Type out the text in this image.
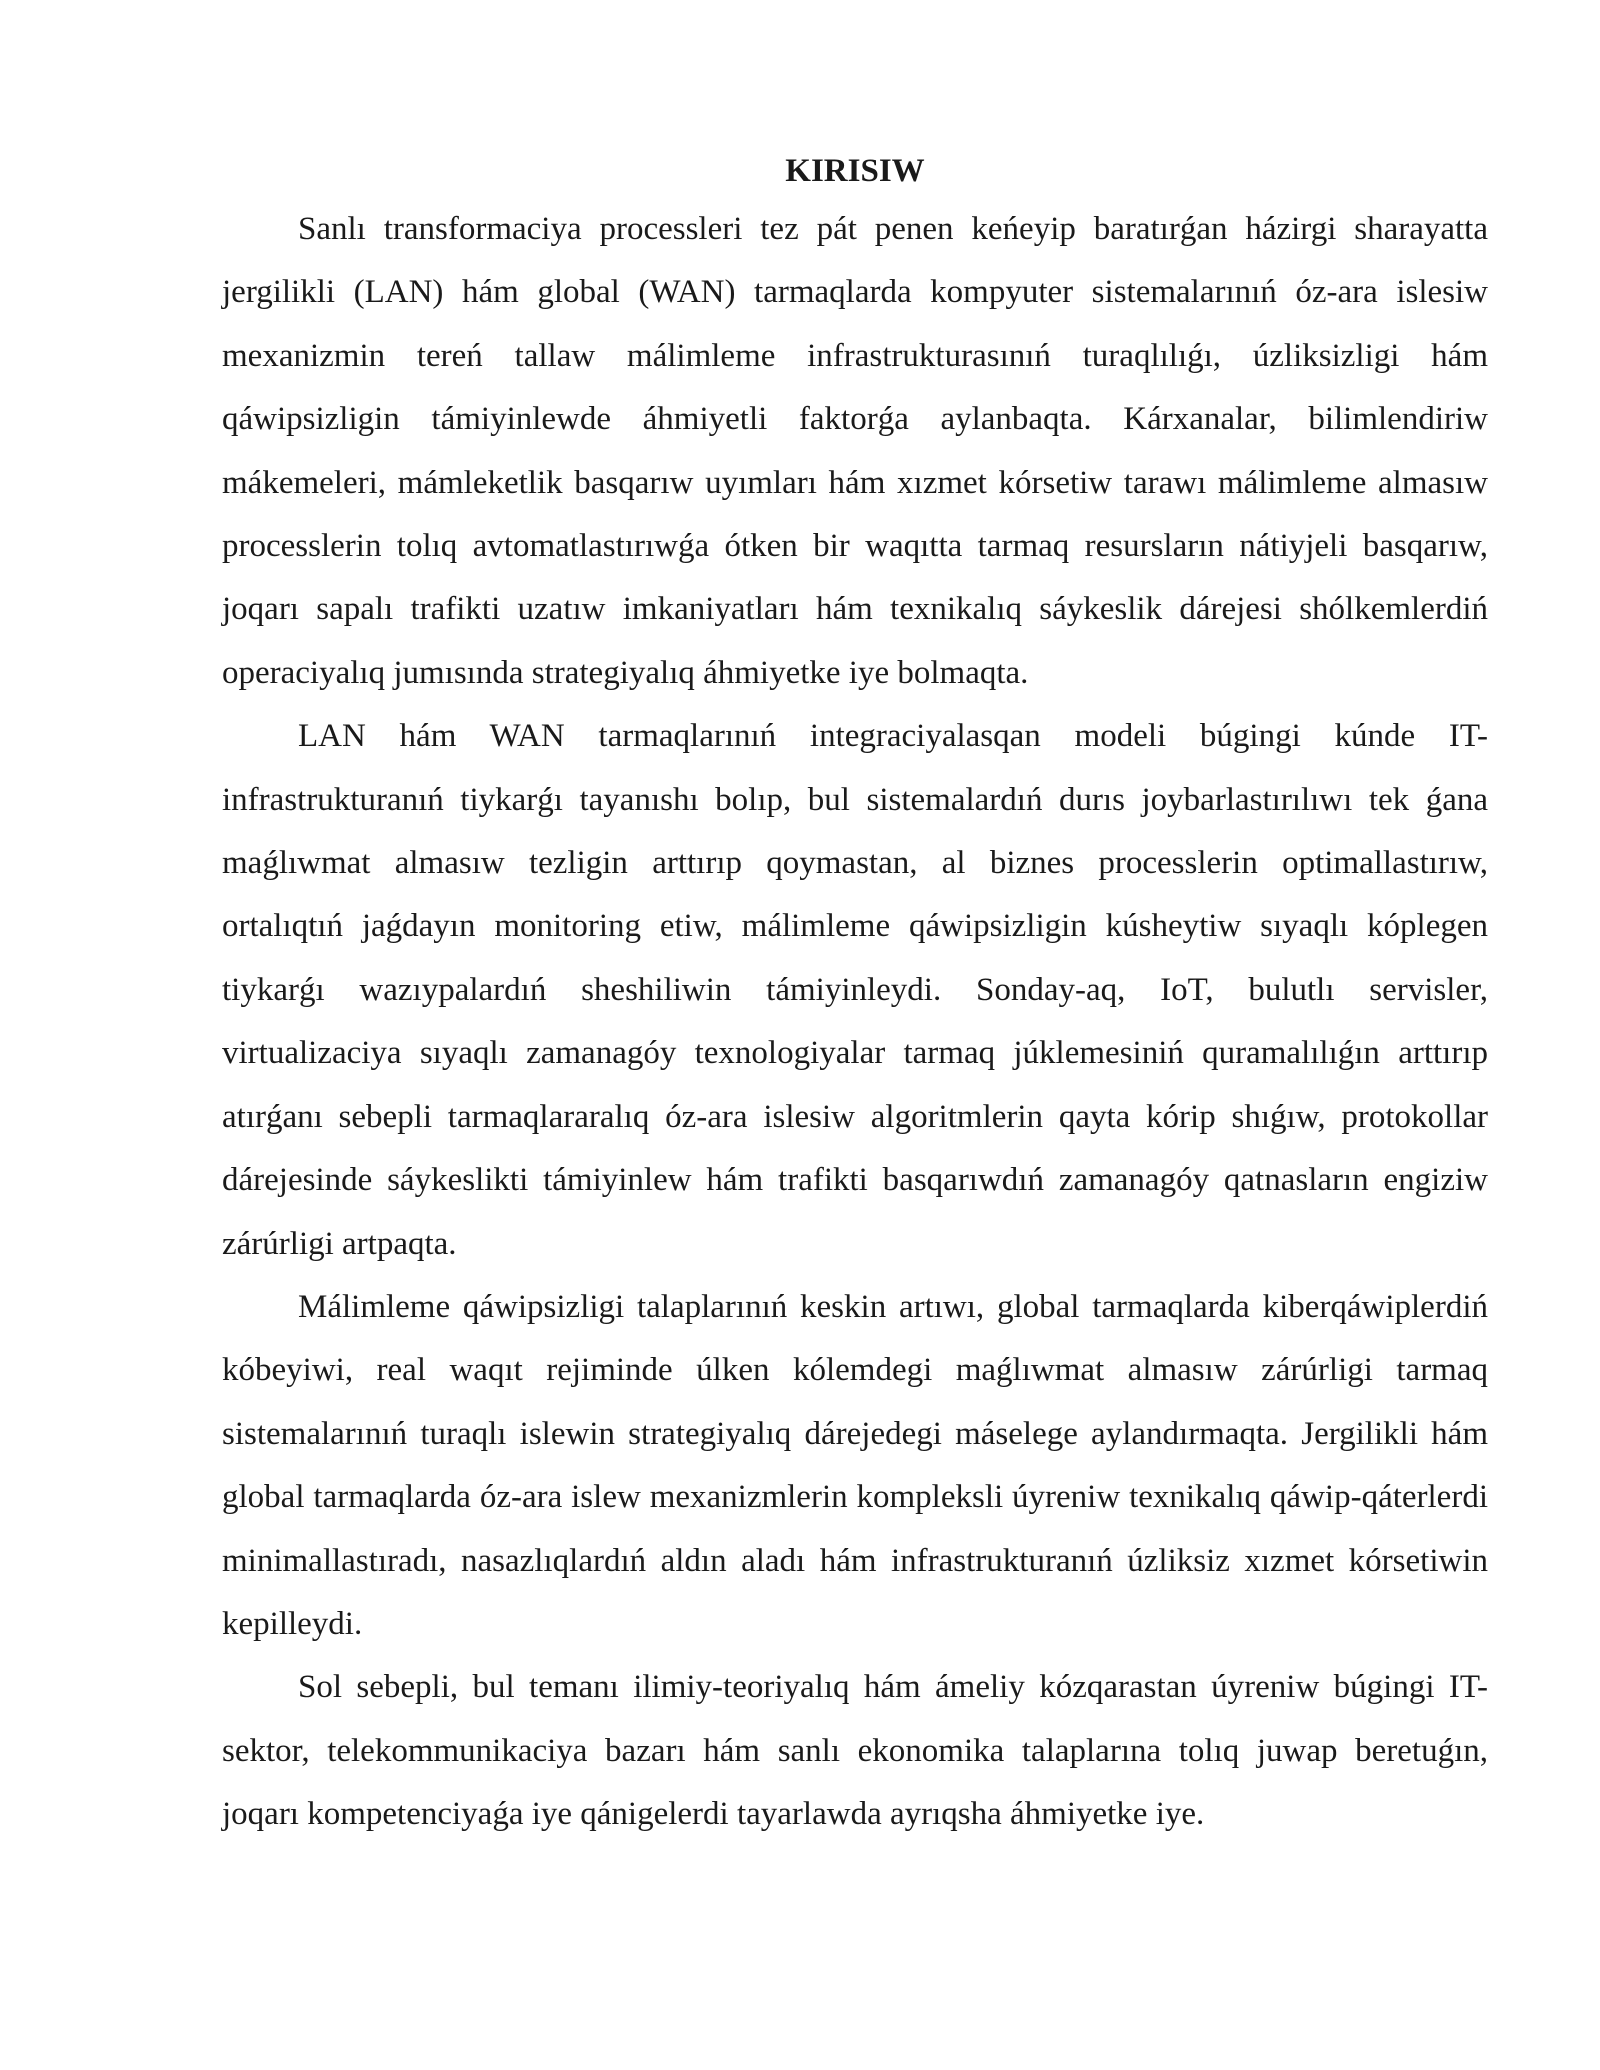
KIRISIW

Sanlı transformaciya processleri tez pát penen keńeyip baratırǵan házirgi sharayatta jergilikli (LAN) hám global (WAN) tarmaqlarda kompyuter sistemalarınıń óz-ara islesiw mexanizmin tereń tallaw málimleme infrastrukturasınıń turaqlılıǵı, úzliksizligi hám qáwipsizligin támiyinlewde áhmiyetli faktorǵa aylanbaqta. Kárxanalar, bilimlendiriw mákemeleri, mámleketlik basqarıw uyımları hám xızmet kórsetiw tarawı málimleme almasıw processlerin tolıq avtomatlastırıwǵa ótken bir waqıtta tarmaq resursların nátiyjeli basqarıw, joqarı sapalı trafikti uzatıw imkaniyatları hám texnikalıq sáykeslik dárejesi shólkemlerdiń operaciyalıq jumısında strategiyalıq áhmiyetke iye bolmaqta.

LAN hám WAN tarmaqlarınıń integraciyalasqan modeli búgingi kúnde IT-infrastrukturanıń tiykarǵı tayanıshı bolıp, bul sistemalardıń durıs joybarlastırılıwı tek ǵana maǵlıwmat almasıw tezligin arttırıp qoymastan, al biznes processlerin optimallastırıw, ortalıqtıń jaǵdayın monitoring etiw, málimleme qáwipsizligin kúsheytiw sıyaqlı kóplegen tiykarǵı wazıypalardıń sheshiliwin támiyinleydi. Sonday-aq, IoT, bulutlı servisler, virtualizaciya sıyaqlı zamanagóy texnologiyalar tarmaq júklemesiniń quramalılıǵın arttırıp atırǵanı sebepli tarmaqlararalıq óz-ara islesiw algoritmlerin qayta kórip shıǵıw, protokollar dárejesinde sáykeslikti támiyinlew hám trafikti basqarıwdıń zamanagóy qatnasların engiziw zárúrligi artpaqta.

Málimleme qáwipsizligi talaplarınıń keskin artıwı, global tarmaqlarda kiberqáwiplerdiń kóbeyiwi, real waqıt rejiminde úlken kólemdegi maǵlıwmat almasıw zárúrligi tarmaq sistemalarınıń turaqlı islewin strategiyalıq dárejedegi máselege aylandırmaqta. Jergilikli hám global tarmaqlarda óz-ara islew mexanizmlerin kompleksli úyreniw texnikalıq qáwip-qáterlerdi minimallastıradı, nasazlıqlardıń aldın aladı hám infrastrukturanıń úzliksiz xızmet kórsetiwin kepilleydi.

Sol sebepli, bul temanı ilimiy-teoriyalıq hám ámeliy kózqarastan úyreniw búgingi IT-sektor, telekommunikaciya bazarı hám sanlı ekonomika talaplarına tolıq juwap beretuǵın, joqarı kompetenciyaǵa iye qánigelerdi tayarlawda ayrıqsha áhmiyetke iye.
